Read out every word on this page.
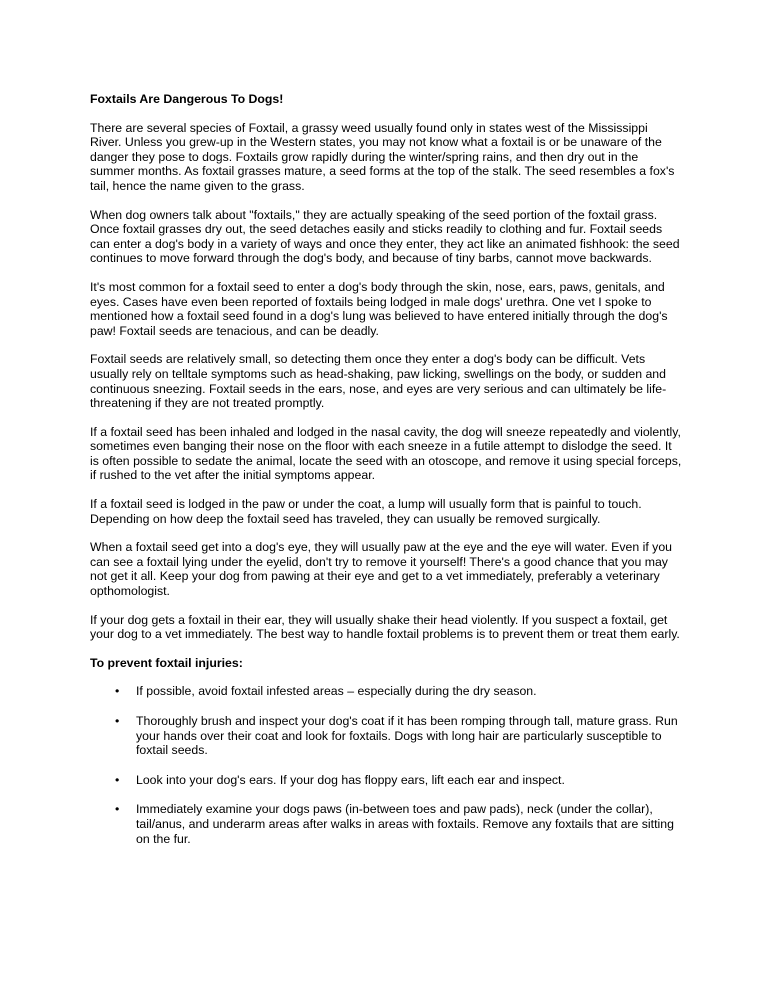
Foxtails Are Dangerous To Dogs!

There are several species of Foxtail, a grassy weed usually found only in states west of the Mississippi River. Unless you grew-up in the Western states, you may not know what a foxtail is or be unaware of the danger they pose to dogs. Foxtails grow rapidly during the winter/spring rains, and then dry out in the summer months. As foxtail grasses mature, a seed forms at the top of the stalk. The seed resembles a fox's tail, hence the name given to the grass.

When dog owners talk about "foxtails," they are actually speaking of the seed portion of the foxtail grass. Once foxtail grasses dry out, the seed detaches easily and sticks readily to clothing and fur. Foxtail seeds can enter a dog's body in a variety of ways and once they enter, they act like an animated fishhook: the seed continues to move forward through the dog's body, and because of tiny barbs, cannot move backwards.

It's most common for a foxtail seed to enter a dog's body through the skin, nose, ears, paws, genitals, and eyes. Cases have even been reported of foxtails being lodged in male dogs' urethra. One vet I spoke to mentioned how a foxtail seed found in a dog's lung was believed to have entered initially through the dog's paw! Foxtail seeds are tenacious, and can be deadly.

Foxtail seeds are relatively small, so detecting them once they enter a dog's body can be difficult. Vets usually rely on telltale symptoms such as head-shaking, paw licking, swellings on the body, or sudden and continuous sneezing. Foxtail seeds in the ears, nose, and eyes are very serious and can ultimately be life-threatening if they are not treated promptly.

If a foxtail seed has been inhaled and lodged in the nasal cavity, the dog will sneeze repeatedly and violently, sometimes even banging their nose on the floor with each sneeze in a futile attempt to dislodge the seed. It is often possible to sedate the animal, locate the seed with an otoscope, and remove it using special forceps, if rushed to the vet after the initial symptoms appear.

If a foxtail seed is lodged in the paw or under the coat, a lump will usually form that is painful to touch. Depending on how deep the foxtail seed has traveled, they can usually be removed surgically.

When a foxtail seed get into a dog's eye, they will usually paw at the eye and the eye will water. Even if you can see a foxtail lying under the eyelid, don't try to remove it yourself! There's a good chance that you may not get it all. Keep your dog from pawing at their eye and get to a vet immediately, preferably a veterinary opthomologist.

If your dog gets a foxtail in their ear, they will usually shake their head violently. If you suspect a foxtail, get your dog to a vet immediately. The best way to handle foxtail problems is to prevent them or treat them early.

To prevent foxtail injuries:
• If possible, avoid foxtail infested areas – especially during the dry season.
• Thoroughly brush and inspect your dog's coat if it has been romping through tall, mature grass. Run your hands over their coat and look for foxtails. Dogs with long hair are particularly susceptible to foxtail seeds.
• Look into your dog's ears. If your dog has floppy ears, lift each ear and inspect.
• Immediately examine your dogs paws (in-between toes and paw pads), neck (under the collar), tail/anus, and underarm areas after walks in areas with foxtails. Remove any foxtails that are sitting on the fur.
